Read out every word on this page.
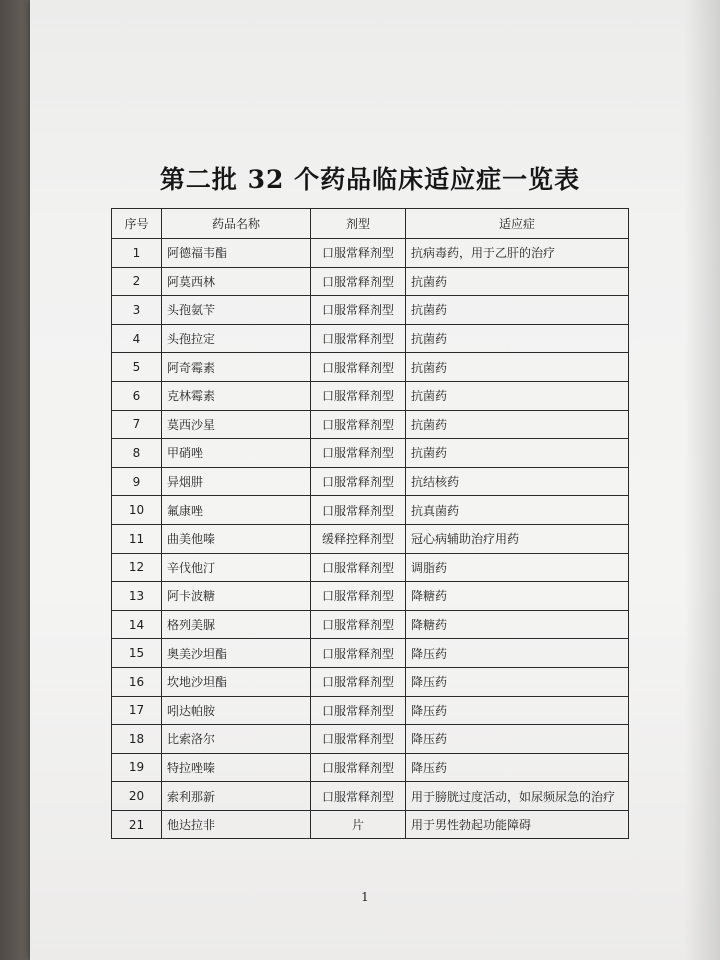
第二批 32 个药品临床适应症一览表
序号	药品名称	剂型	适应症
1	阿德福韦酯	口服常释剂型	抗病毒药，用于乙肝的治疗
2	阿莫西林	口服常释剂型	抗菌药
3	头孢氨苄	口服常释剂型	抗菌药
4	头孢拉定	口服常释剂型	抗菌药
5	阿奇霉素	口服常释剂型	抗菌药
6	克林霉素	口服常释剂型	抗菌药
7	莫西沙星	口服常释剂型	抗菌药
8	甲硝唑	口服常释剂型	抗菌药
9	异烟肼	口服常释剂型	抗结核药
10	氟康唑	口服常释剂型	抗真菌药
11	曲美他嗪	缓释控释剂型	冠心病辅助治疗用药
12	辛伐他汀	口服常释剂型	调脂药
13	阿卡波糖	口服常释剂型	降糖药
14	格列美脲	口服常释剂型	降糖药
15	奥美沙坦酯	口服常释剂型	降压药
16	坎地沙坦酯	口服常释剂型	降压药
17	吲达帕胺	口服常释剂型	降压药
18	比索洛尔	口服常释剂型	降压药
19	特拉唑嗪	口服常释剂型	降压药
20	索利那新	口服常释剂型	用于膀胱过度活动，如尿频尿急的治疗
21	他达拉非	片	用于男性勃起功能障碍
1
